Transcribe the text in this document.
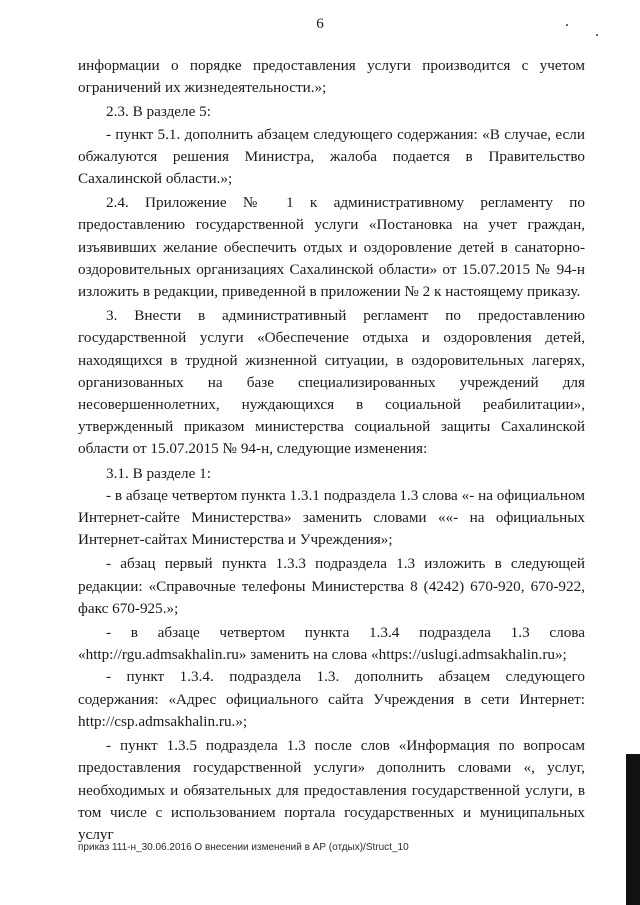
6

информации о порядке предоставления услуги производится с учетом ограничений их жизнедеятельности.»;

2.3. В разделе 5:

- пункт 5.1. дополнить абзацем следующего содержания: «В случае, если обжалуются решения Министра, жалоба подается в Правительство Сахалинской области.»;

2.4. Приложение № 1 к административному регламенту по предоставлению государственной услуги «Постановка на учет граждан, изъявивших желание обеспечить отдых и оздоровление детей в санаторно-оздоровительных организациях Сахалинской области» от 15.07.2015 № 94-н изложить в редакции, приведенной в приложении № 2 к настоящему приказу.

3. Внести в административный регламент по предоставлению государственной услуги «Обеспечение отдыха и оздоровления детей, находящихся в трудной жизненной ситуации, в оздоровительных лагерях, организованных на базе специализированных учреждений для несовершеннолетних, нуждающихся в социальной реабилитации», утвержденный приказом министерства социальной защиты Сахалинской области от 15.07.2015 № 94-н, следующие изменения:

3.1. В разделе 1:

- в абзаце четвертом пункта 1.3.1 подраздела 1.3 слова «- на официальном Интернет-сайте Министерства» заменить словами ««- на официальных Интернет-сайтах Министерства и Учреждения»;

- абзац первый пункта 1.3.3 подраздела 1.3 изложить в следующей редакции: «Справочные телефоны Министерства 8 (4242) 670-920, 670-922, факс 670-925.»;

- в абзаце четвертом пункта 1.3.4 подраздела 1.3 слова «http://rgu.admsakhalin.ru» заменить на слова «https://uslugi.admsakhalin.ru»;

- пункт 1.3.4. подраздела 1.3. дополнить абзацем следующего содержания: «Адрес официального сайта Учреждения в сети Интернет: http://csp.admsakhalin.ru.»;

- пункт 1.3.5 подраздела 1.3 после слов «Информация по вопросам предоставления государственной услуги» дополнить словами «, услуг, необходимых и обязательных для предоставления государственной услуги, в том числе с использованием портала государственных и муниципальных услуг

приказ 111-н_30.06.2016 О внесении изменений в АР (отдых)/Struct_10
